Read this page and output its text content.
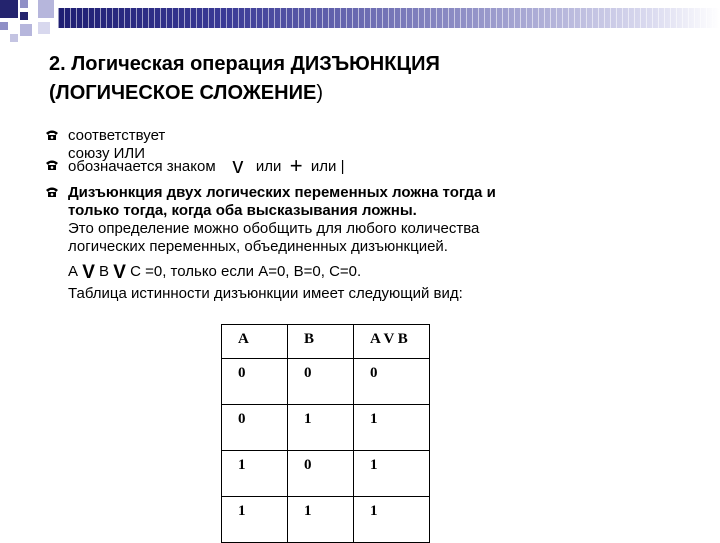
2. Логическая операция ДИЗЪЮНКЦИЯ
(ЛОГИЧЕСКОЕ СЛОЖЕНИЕ)
соответствует союзу ИЛИ
обозначается знаком v или + или |
Дизъюнкция двух логических переменных ложна тогда и
только тогда, когда оба высказывания ложны.
Это определение можно обобщить для любого количества
логических переменных, объединенных дизъюнкцией.
А V В V С =0, только если А=0, В=0, С=0.
Таблица истинности дизъюнкции имеет следующий вид:
A	B	A V B
0	0	0
0	1	1
1	0	1
1	1	1
